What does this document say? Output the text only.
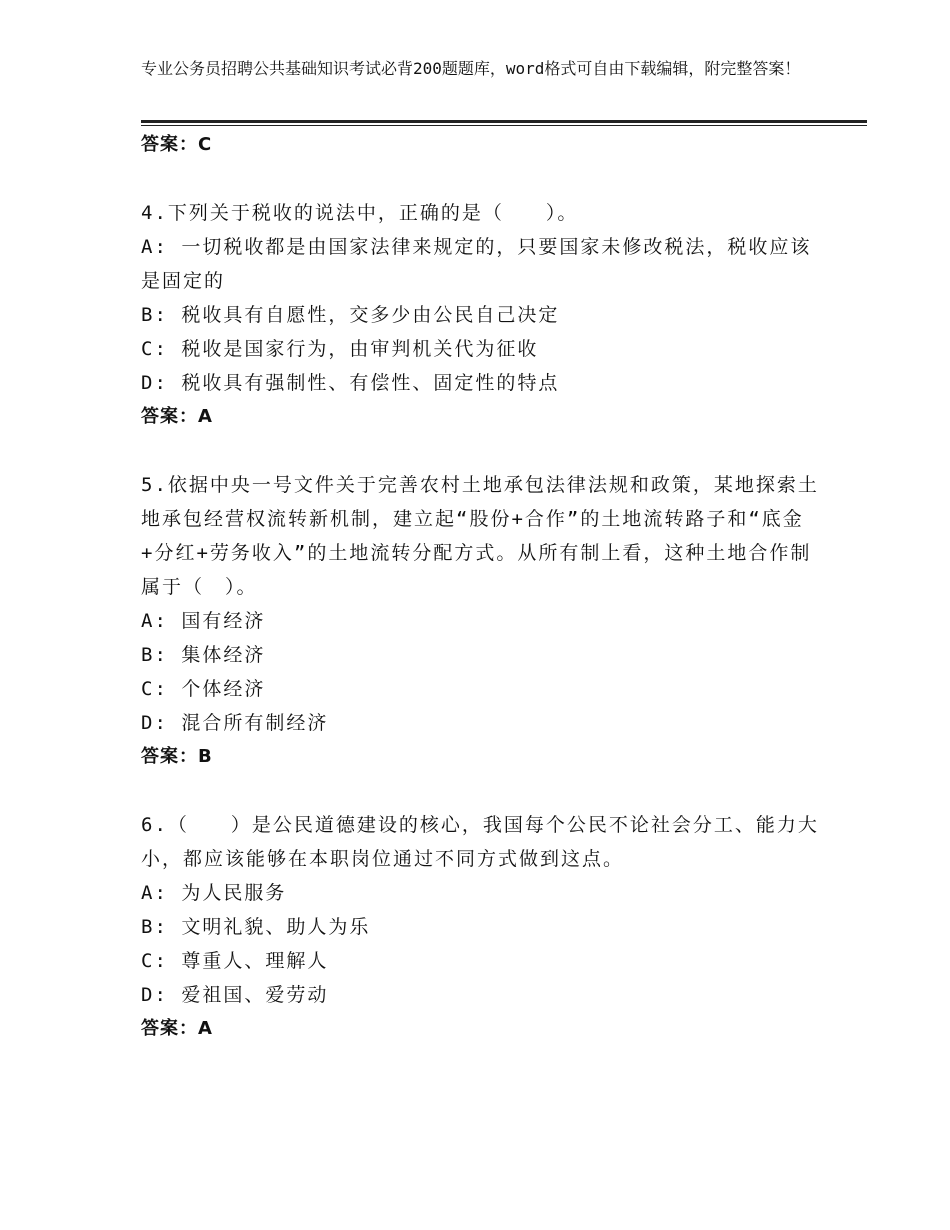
专业公务员招聘公共基础知识考试必背200题题库，word格式可自由下载编辑，附完整答案！
答案：C
4.下列关于税收的说法中，正确的是（　　）。
A: 一切税收都是由国家法律来规定的，只要国家未修改税法，税收应该是固定的
B: 税收具有自愿性，交多少由公民自己决定
C: 税收是国家行为，由审判机关代为征收
D: 税收具有强制性、有偿性、固定性的特点
答案：A
5.依据中央一号文件关于完善农村土地承包法律法规和政策，某地探索土地承包经营权流转新机制，建立起“股份+合作”的土地流转路子和“底金+分红+劳务收入”的土地流转分配方式。从所有制上看，这种土地合作制属于（　）。
A: 国有经济
B: 集体经济
C: 个体经济
D: 混合所有制经济
答案：B
6.（　　）是公民道德建设的核心，我国每个公民不论社会分工、能力大小，都应该能够在本职岗位通过不同方式做到这点。
A: 为人民服务
B: 文明礼貌、助人为乐
C: 尊重人、理解人
D: 爱祖国、爱劳动
答案：A
